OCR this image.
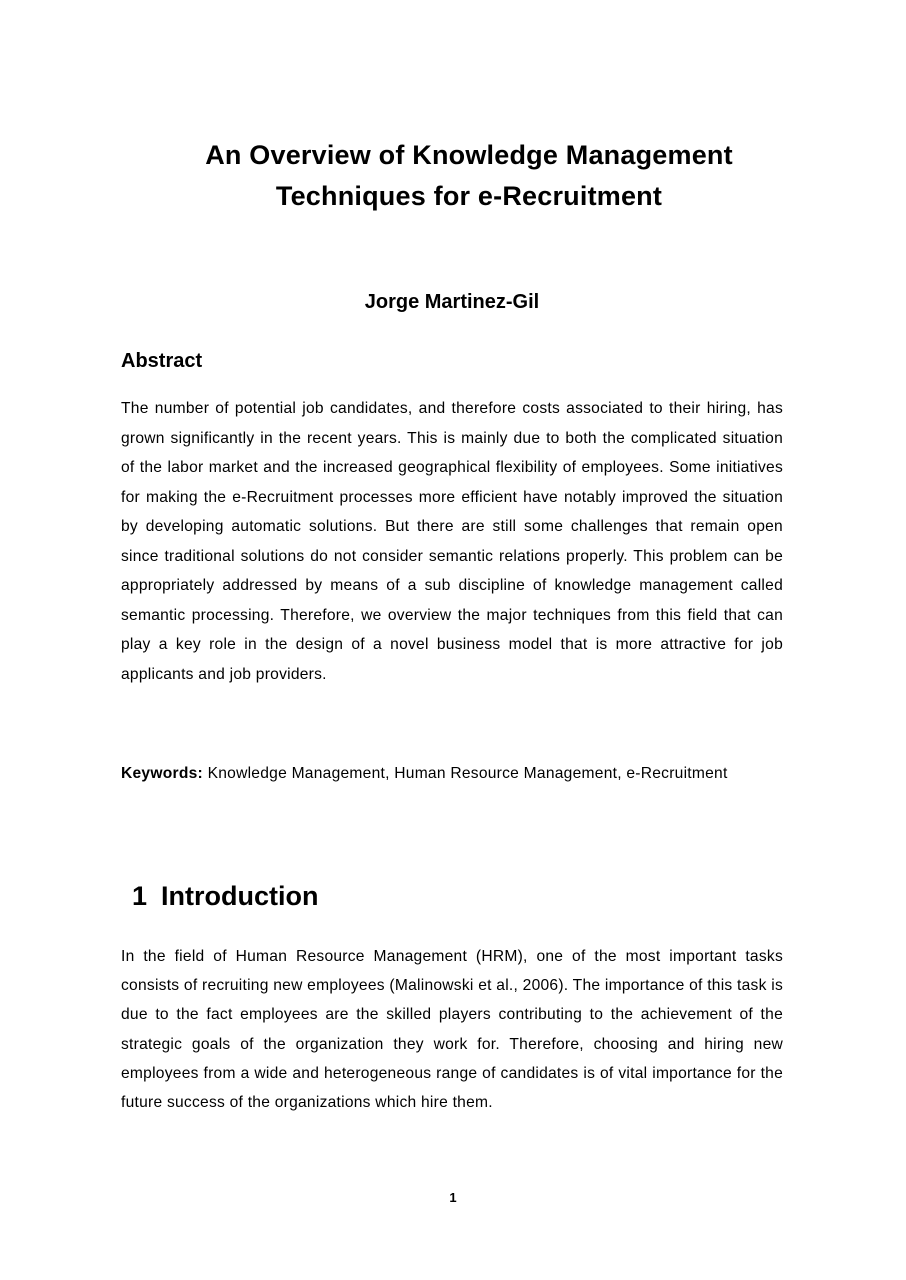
An Overview of Knowledge Management
Techniques for e-Recruitment
Jorge Martinez-Gil
Abstract

The number of potential job candidates, and therefore costs associated to their hiring, has grown significantly in the recent years. This is mainly due to both the complicated situation of the labor market and the increased geographical flexibility of employees. Some initiatives for making the e-Recruitment processes more efficient have notably improved the situation by developing automatic solutions. But there are still some challenges that remain open since traditional solutions do not consider semantic relations properly. This problem can be appropriately addressed by means of a sub discipline of knowledge management called semantic processing. Therefore, we overview the major techniques from this field that can play a key role in the design of a novel business model that is more attractive for job applicants and job providers.

Keywords: Knowledge Management, Human Resource Management, e-Recruitment

1 Introduction

In the field of Human Resource Management (HRM), one of the most important tasks consists of recruiting new employees (Malinowski et al., 2006). The importance of this task is due to the fact employees are the skilled players contributing to the achievement of the strategic goals of the organization they work for. Therefore, choosing and hiring new employees from a wide and heterogeneous range of candidates is of vital importance for the future success of the organizations which hire them.

1
